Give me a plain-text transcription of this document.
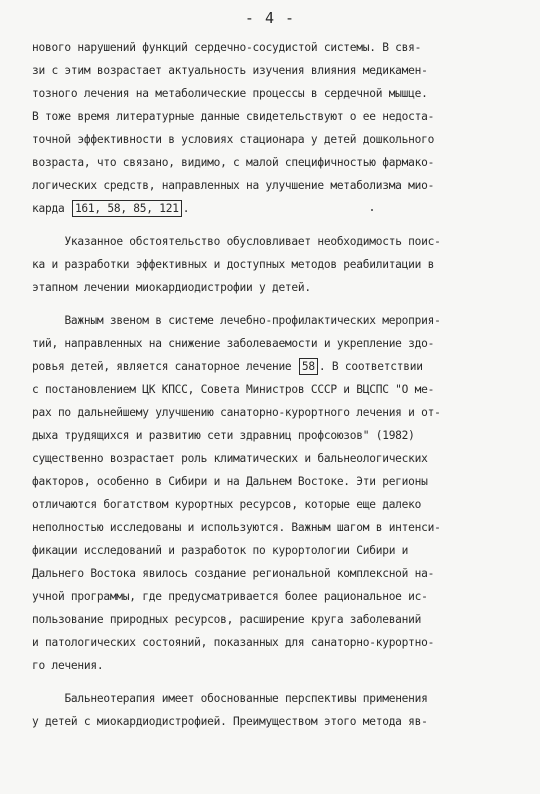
- 4 -
нового нарушений функций сердечно-сосудистой системы. В свя-
зи с этим возрастает актуальность изучения влияния медикамен-
тозного лечения на метаболические процессы в сердечной мышце.
В тоже время литературные данные свидетельствуют о ее недоста-
точной эффективности в условиях стационара у детей дошкольного
возраста, что связано, видимо, с малой специфичностью фармако-
логических средств, направленных на улучшение метаболизма мио-
карда 161, 58, 85, 121 .
Указанное обстоятельство обусловливает необходимость поис-
ка и разработки эффективных и доступных методов реабилитации в
этапном лечении миокардиодистрофии у детей.
Важным звеном в системе лечебно-профилактических мероприя-
тий, направленных на снижение заболеваемости и укрепление здо-
ровья детей, является санаторное лечение 58 . В соответствии
с постановлением ЦК КПСС, Совета Министров СССР и ВЦСПС "О ме-
рах по дальнейшему улучшению санаторно-курортного лечения и от-
дыха трудящихся и развитию сети здравниц профсоюзов" (1982)
существенно возрастает роль климатических и бальнеологических
факторов, особенно в Сибири и на Дальнем Востоке. Эти регионы
отличаются богатством курортных ресурсов, которые еще далеко
неполностью исследованы и используются. Важным шагом в интенси-
фикации исследований и разработок по курортологии Сибири и
Дальнего Востока явилось создание региональной комплексной на-
учной программы, где предусматривается более рациональное ис-
пользование природных ресурсов, расширение круга заболеваний
и патологических состояний, показанных для санаторно-курортно-
го лечения.
Бальнеотерапия имеет обоснованные перспективы применения
у детей с миокардиодистрофией. Преимуществом этого метода яв-
